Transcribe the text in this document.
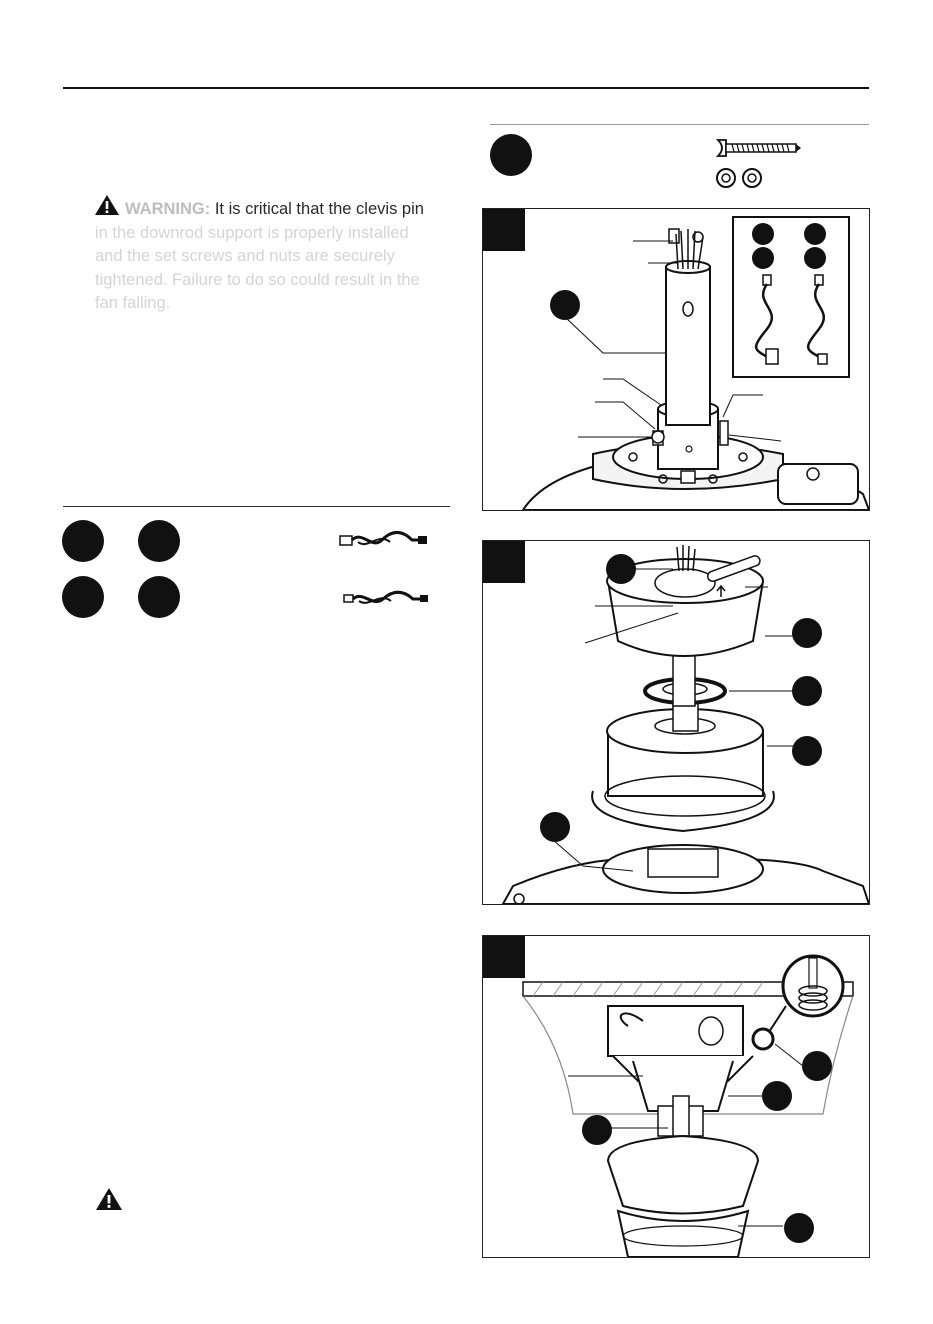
WARNING: It is critical that the clevis pin
in the downrod support is properly installed
and the set screws and nuts are securely
tightened. Failure to do so could result in the
fan falling.
